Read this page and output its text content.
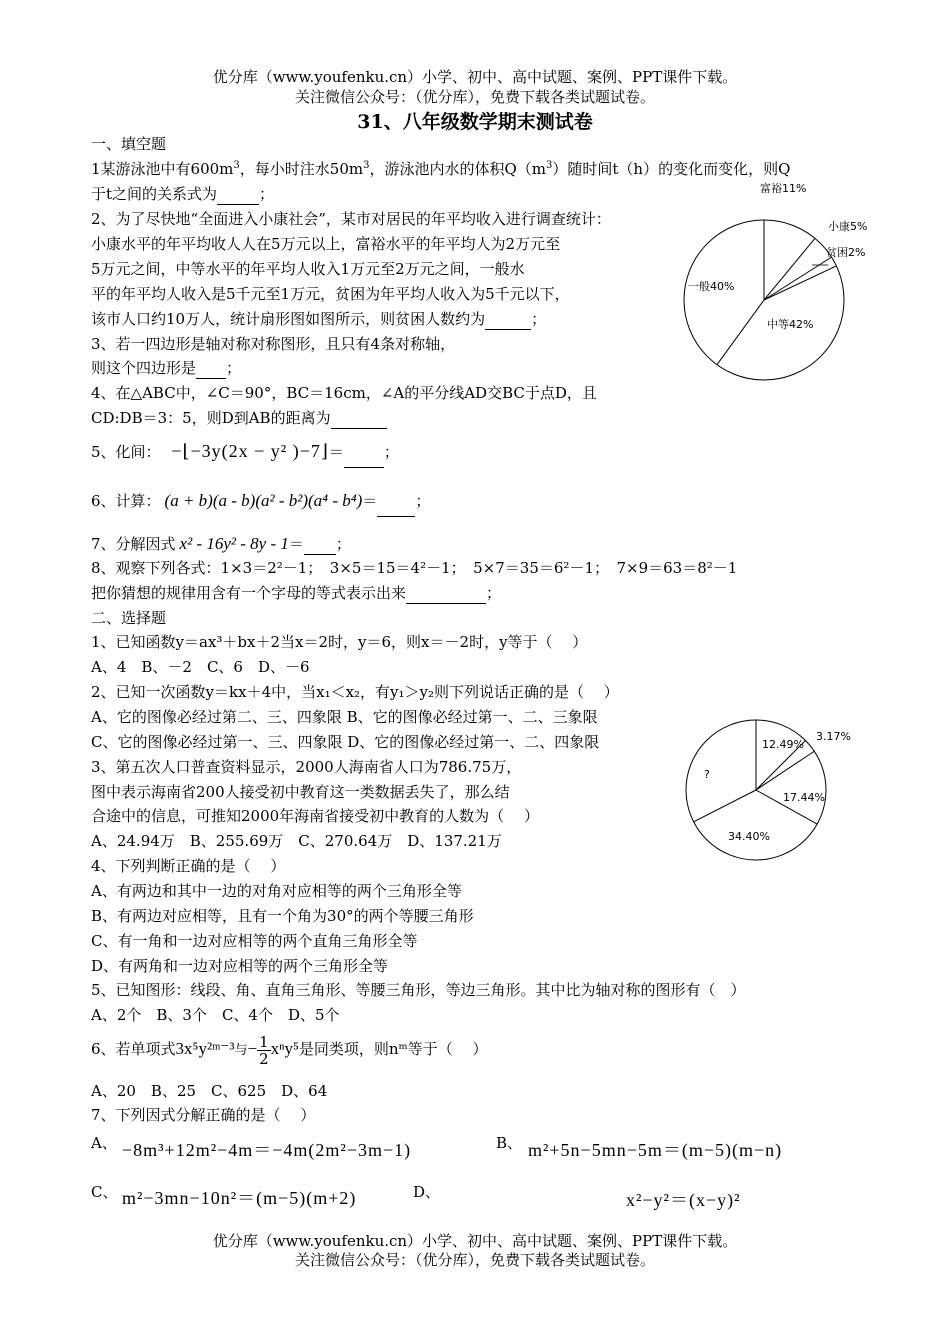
优分库（www.youfenku.cn）小学、初中、高中试题、案例、PPT课件下载。
关注微信公众号：（优分库），免费下载各类试题试卷。
31、八年级数学期末测试卷
一、填空题
1某游泳池中有$600m^3$，每小时注水$50m^3$，游泳池内水的体积$Q(m^3)$随时间t（h）的变化而变化，则Q
于t之间的关系式为	；
2、为了尽快地“全面进入小康社会”，某市对居民的年平均收入进行调查统计：
小康水平的年平均收人人在5万元以上，富裕水平的年平均人为2万元至
5万元之间，中等水平的年平均人收入1万元至2万元之间，一般水
平的年平均人收入是5千元至1万元，贫困为年平均人收入为5千元以下，
该市人口约10万人，统计扇形图如图所示，则贫困人数约为	；
3、若一四边形是轴对称对称图形，且只有4条对称轴，
则这个四边形是 ；
4、在△ABC中，∠C＝90°，BC＝16cm，∠A的平分线AD交BC于点D，且
CD:DB＝3：5，则D到AB的距离为
5、化间： −⌊−3y(2x − y² )−7⌋＝	；
6、计算： (a + b)(a - b)(a² - b²)(a⁴ - b⁴)＝	；
7、分解因式 x² - 16y² - 8y - 1＝ ；
8、观察下列各式：1×3＝2²－1；　3×5＝15＝4²－1；　5×7＝35＝6²－1；　7×9＝63＝8²－1
把你猜想的规律用含有一个字母的等式表示出来	；
二、选择题
1、已知函数y＝ax³＋bx＋2当x＝2时，y＝6，则x＝－2时，y等于（　 ）
A、4　B、－2　C、6　D、－6
2、已知一次函数y＝kx＋4中，当x₁＜x₂，有y₁＞y₂则下列说话正确的是（　 ）
A、它的图像必经过第二、三、四象限 B、它的图像必经过第一、二、三象限
C、它的图像必经过第一、三、四象限 D、它的图像必经过第一、二、四象限
3、第五次人口普查资料显示，2000人海南省人口为786.75万，
图中表示海南省200人接受初中教育这一类数据丢失了，那么结
合途中的信息，可推知2000年海南省接受初中教育的人数为（　 ）
A、24.94万　B、255.69万　C、270.64万　D、137.21万
4、下列判断正确的是（　 ）
A、有两边和其中一边的对角对应相等的两个三角形全等
B、有两边对应相等，且有一个角为30°的两个等腰三角形
C、有一角和一边对应相等的两个直角三角形全等
D、有两角和一边对应相等的两个三角形全等
5、已知图形：线段、角、直角三角形、等腰三角形，等边三角形。其中比为轴对称的图形有（　）
A、2个　B、3个　C、4个　D、5个
6、若单项式3x⁵y²ᵐ⁻³与− $\frac{1}{2} x^ny^5$是同类项，则nᵐ等于（　 ）
A、20　B、25　C、625　D、64
7、下列因式分解正确的是（　 ）
A、 −8m³+12m²−4m＝−4m(2m²−3m−1)	B、 m²+5n−5mn−5m＝(m−5)(m−n)
C、 m²−3mn−10n²＝(m−5)(m+2)	D、	x²−y²＝(x−y)²
优分库（www.youfenku.cn）小学、初中、高中试题、案例、PPT课件下载。
关注微信公众号：（优分库），免费下载各类试题试卷。
富裕11%
小康5%
贫困2%
中等42%
一般40%
12.49%
3.17%
17.44%
34.40%
?
